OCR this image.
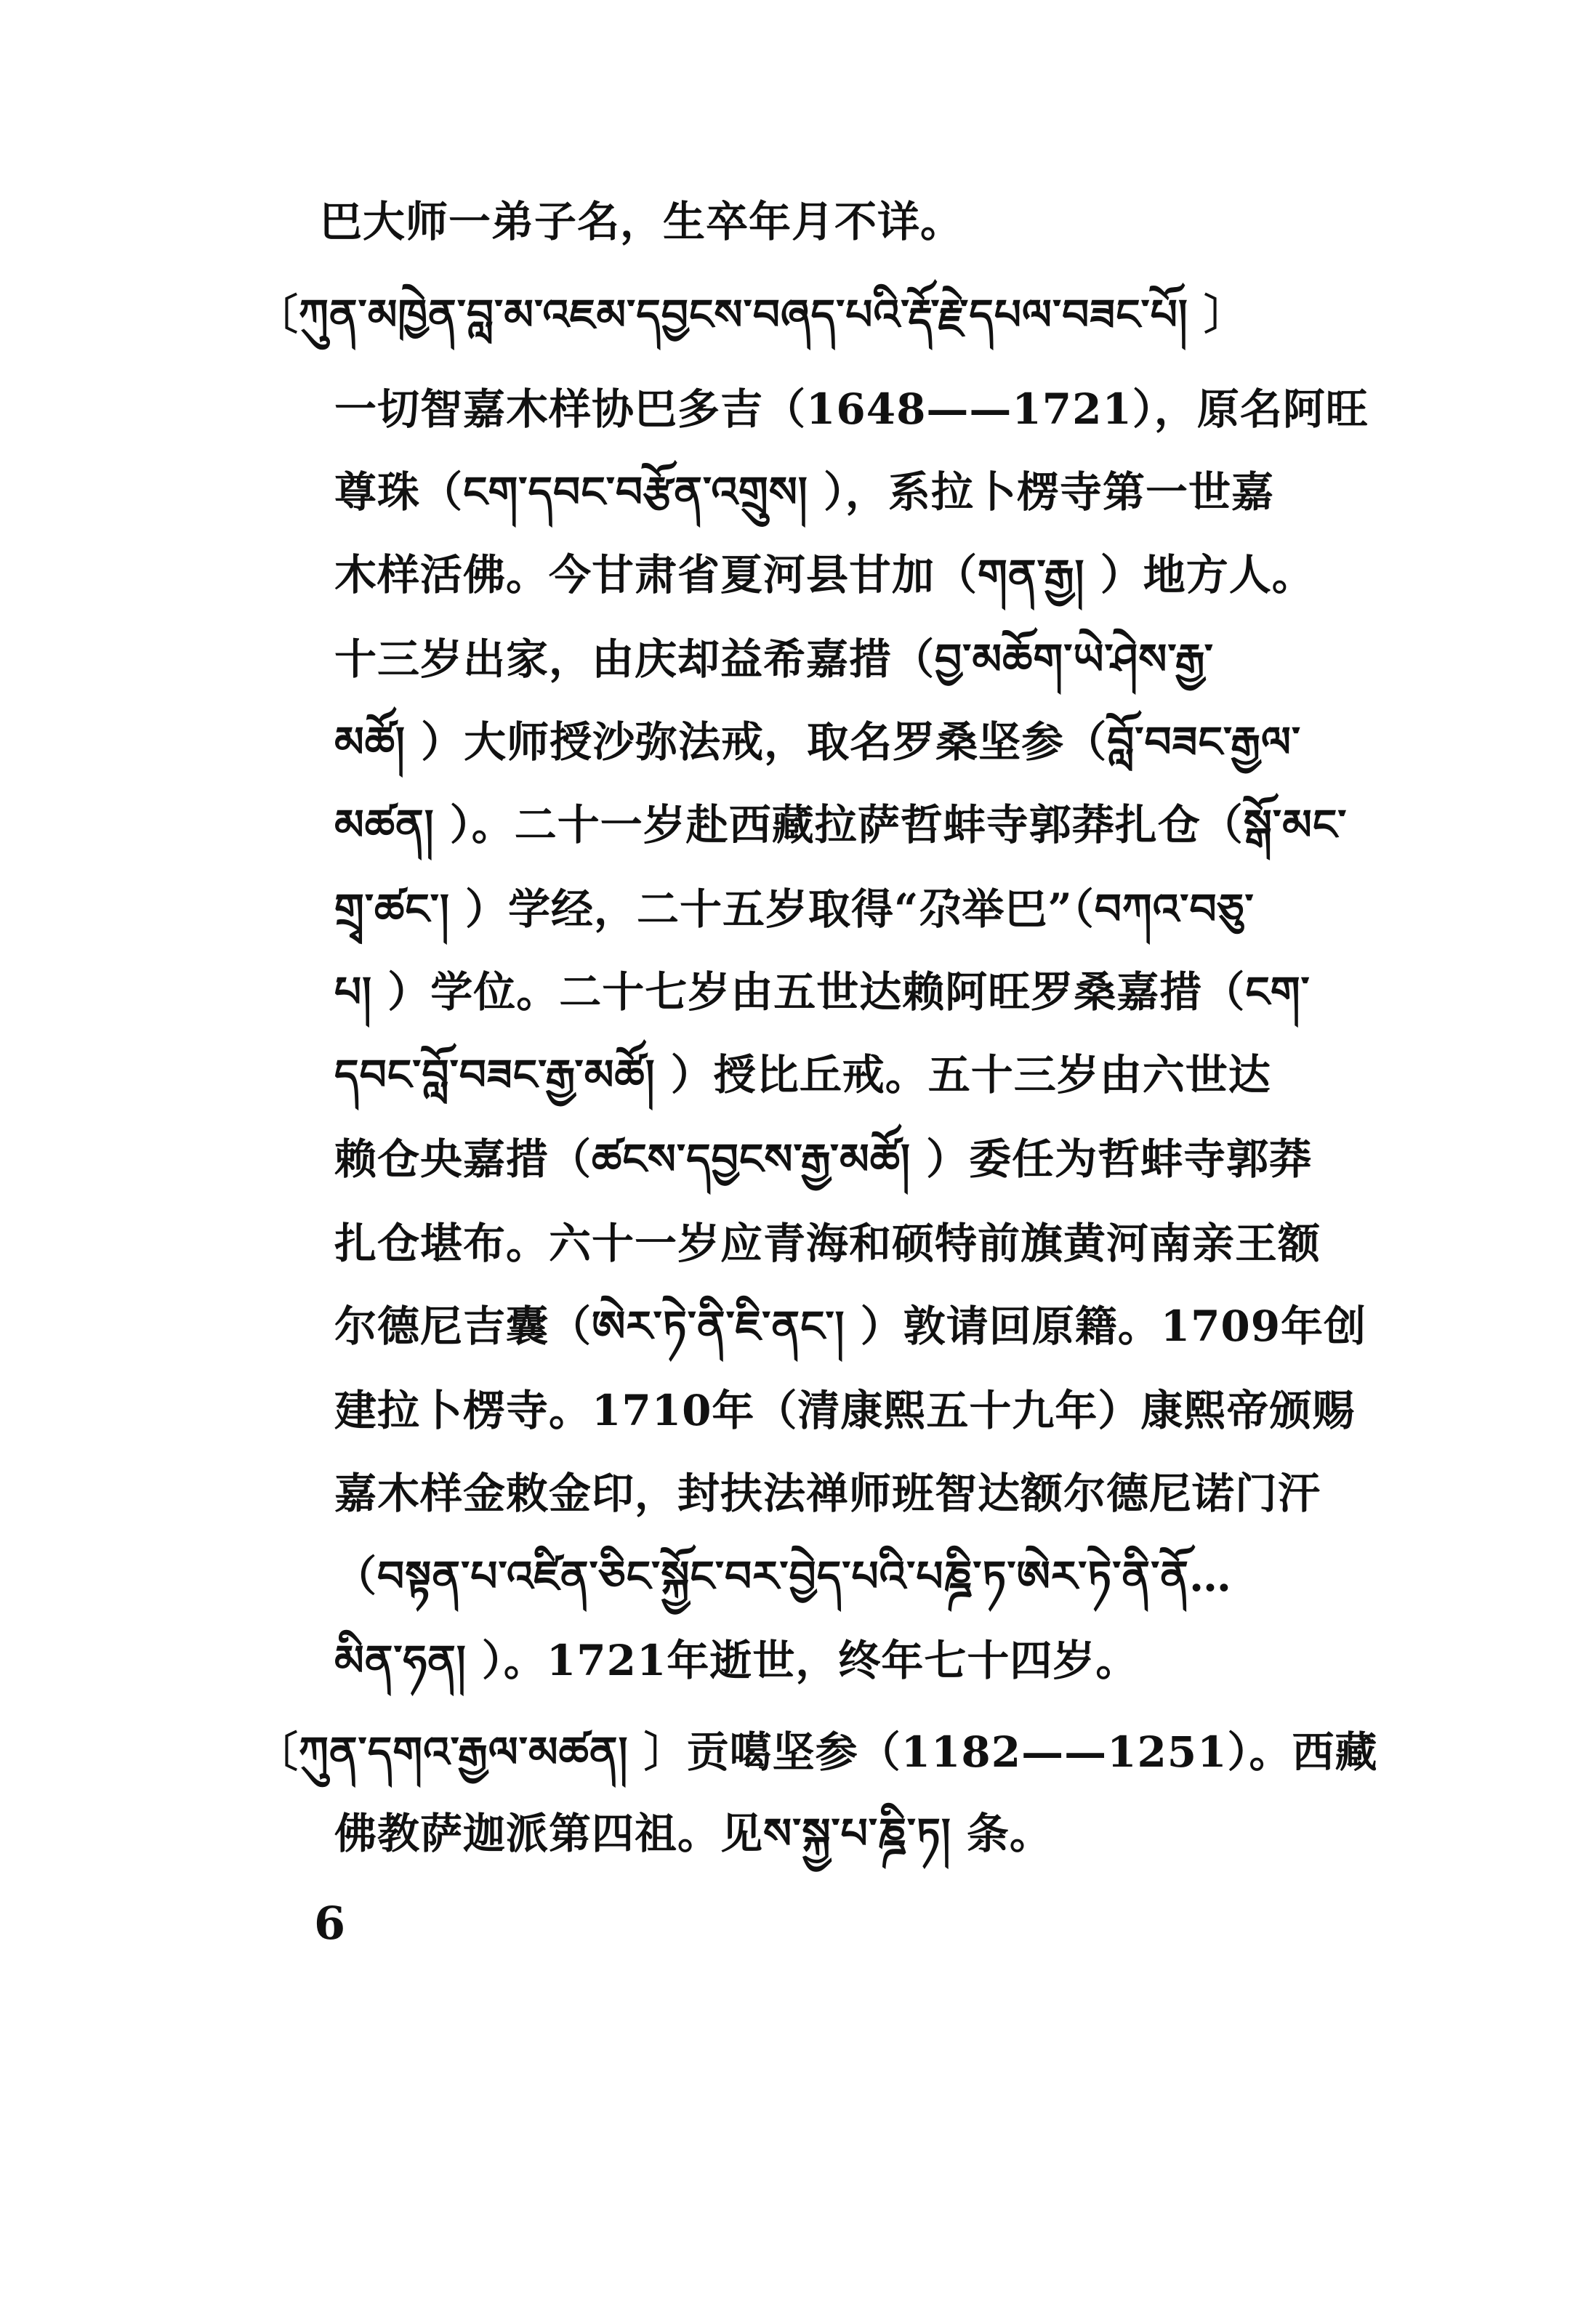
巴大师一弟子名，生卒年月不详。
〔ཀུན་མཁྱེན་བླ་མ་འཇམ་དབྱངས་བཞད་པའི་རྡོ་རྗེ་དཔལ་བཟང་པོ། 〕
一切智嘉木样协巴多吉（1648——1721），原名阿旺
尊珠（ངག་དབང་བརྩོན་འགྲུས། ），系拉卜楞寺第一世嘉
木样活佛。今甘肃省夏河县甘加（གན་རྒྱ། ）地方人。
十三岁出家，由庆却益希嘉措（བྱ་མཆོག་ཡེ་ཤེས་རྒྱ་
མཚོ། ）大师授沙弥法戒，取名罗桑坚参（བློ་བཟང་རྒྱལ་
མཚན། ）。二十一岁赴西藏拉萨哲蚌寺郭莽扎仓（སྒོ་མང་
གྲྭ་ཚང་། ）学经，二十五岁取得“尕举巴”（བཀའ་བཅུ་
པ། ）学位。二十七岁由五世达赖阿旺罗桑嘉措（ངག་
དབང་བློ་བཟང་རྒྱ་མཚོ། ）授比丘戒。五十三岁由六世达
赖仓央嘉措（ཚངས་དབྱངས་རྒྱ་མཚོ། ）委任为哲蚌寺郭莽
扎仓堪布。六十一岁应青海和硕特前旗黄河南亲王额
尔德尼吉囊（ཨེར་ཏེ་ནི་ཇི་ནང་། ）敦请回原籍。1709年创
建拉卜楞寺。1710年（清康熙五十九年）康熙帝颁赐
嘉木样金敕金印，封扶法禅师班智达额尔德尼诺门汗
（བསྟན་པ་འཛིན་ཅིང་སྐྱོང་བར་བྱེད་པའི་པཎྜི་ཏ་ཨེར་ཏེ་ནི་ནོ…
མིན་ཧན། ）。1721年逝世，终年七十四岁。
〔ཀུན་དགའ་རྒྱལ་མཚན། 〕贡噶坚参（1182——1251）。西藏
佛教萨迦派第四祖。见ས་སྐྱ་པ་ཎྜི་ཏ། 条。
6
